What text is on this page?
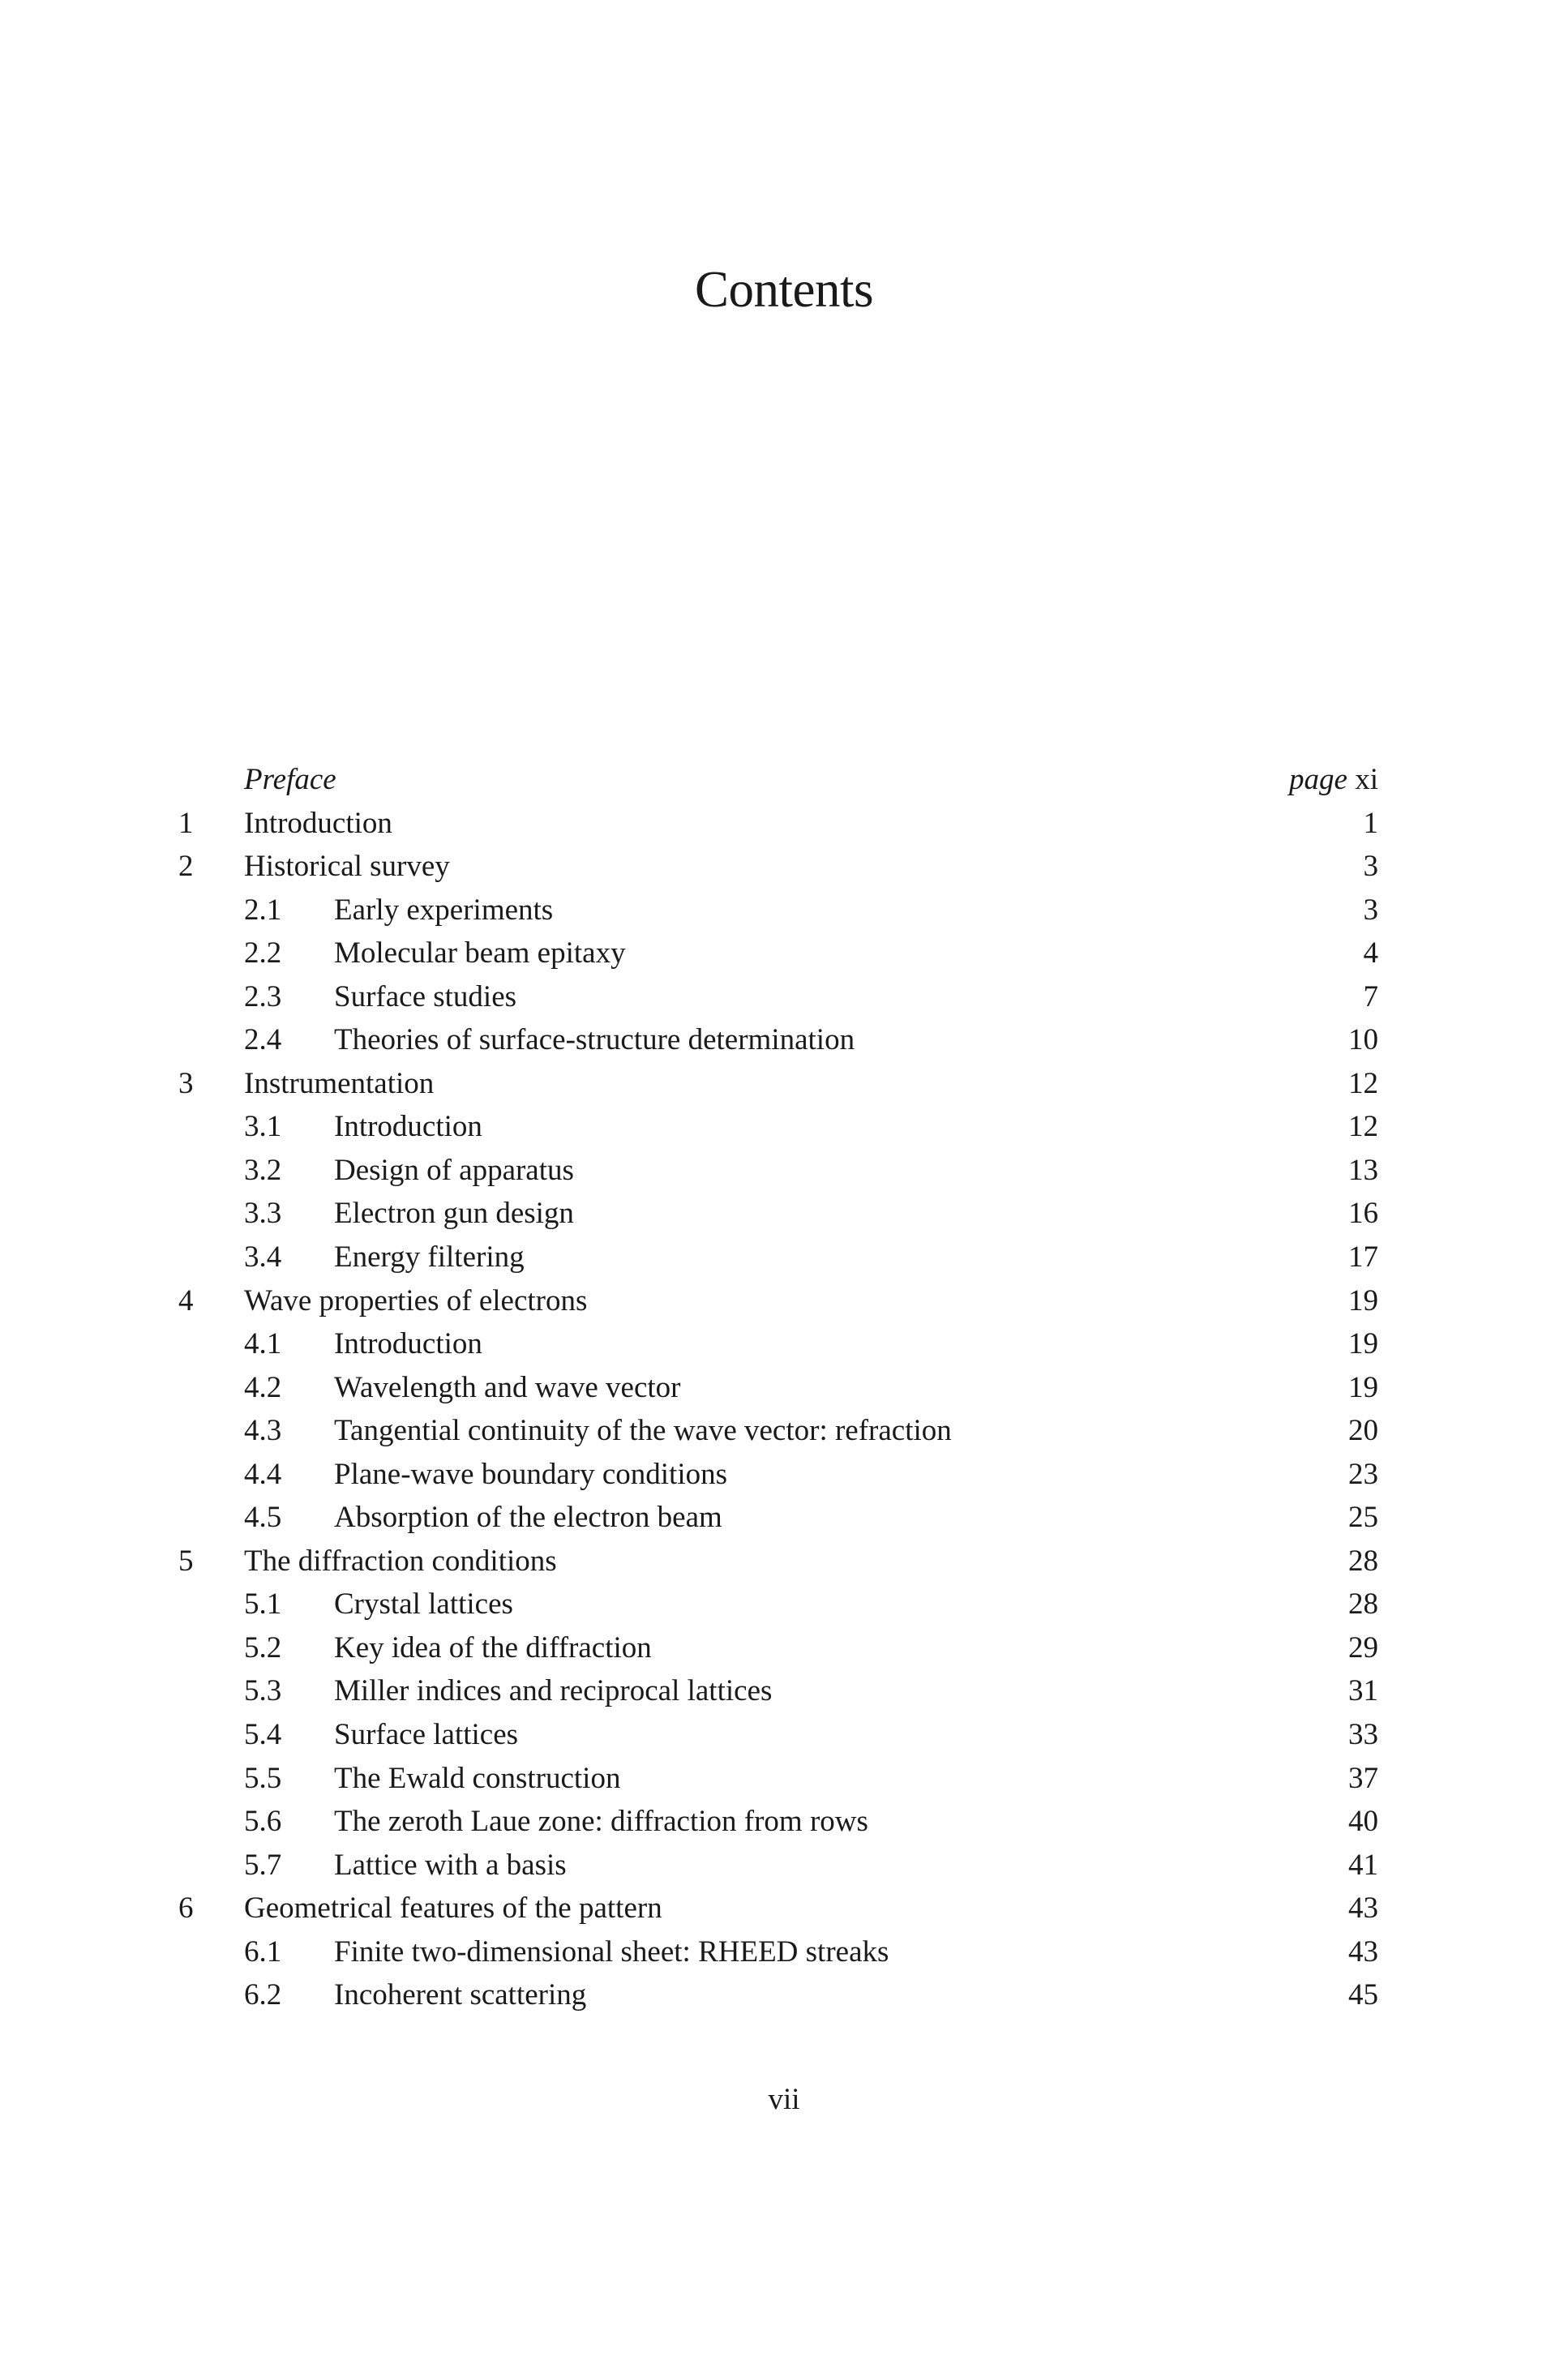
Contents
Preface	page xi
1 Introduction	1
2 Historical survey	3
2.1 Early experiments	3
2.2 Molecular beam epitaxy	4
2.3 Surface studies	7
2.4 Theories of surface-structure determination	10
3 Instrumentation	12
3.1 Introduction	12
3.2 Design of apparatus	13
3.3 Electron gun design	16
3.4 Energy filtering	17
4 Wave properties of electrons	19
4.1 Introduction	19
4.2 Wavelength and wave vector	19
4.3 Tangential continuity of the wave vector: refraction	20
4.4 Plane-wave boundary conditions	23
4.5 Absorption of the electron beam	25
5 The diffraction conditions	28
5.1 Crystal lattices	28
5.2 Key idea of the diffraction	29
5.3 Miller indices and reciprocal lattices	31
5.4 Surface lattices	33
5.5 The Ewald construction	37
5.6 The zeroth Laue zone: diffraction from rows	40
5.7 Lattice with a basis	41
6 Geometrical features of the pattern	43
6.1 Finite two-dimensional sheet: RHEED streaks	43
6.2 Incoherent scattering	45
vii
